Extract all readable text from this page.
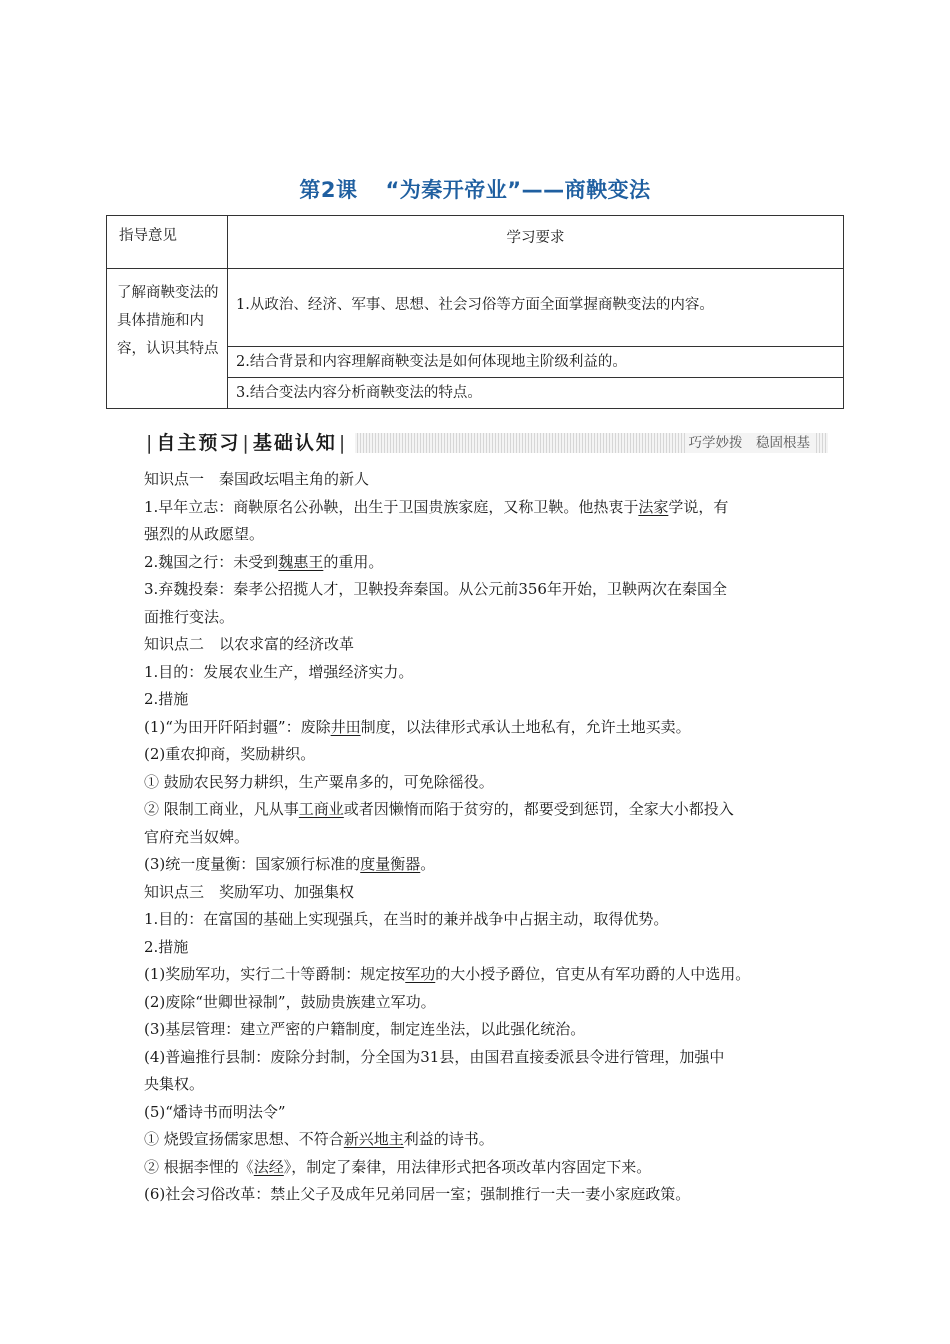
第2课 “为秦开帝业”——商鞅变法
指导意见	学习要求
了解商鞅变法的具体措施和内容，认识其特点	1.从政治、经济、军事、思想、社会习俗等方面全面掌握商鞅变法的内容。
	2.结合背景和内容理解商鞅变法是如何体现地主阶级利益的。
	3.结合变法内容分析商鞅变法的特点。
| 自主预习 | 基础认知 |	巧学妙拨　稳固根基

知识点一　秦国政坛唱主角的新人

1.早年立志：商鞅原名公孙鞅，出生于卫国贵族家庭，又称卫鞅。他热衷于法家学说，有

强烈的从政愿望。

2.魏国之行：未受到魏惠王的重用。

3.弃魏投秦：秦孝公招揽人才，卫鞅投奔秦国。从公元前356年开始，卫鞅两次在秦国全

面推行变法。

知识点二　以农求富的经济改革

1.目的：发展农业生产，增强经济实力。

2.措施

(1)“为田开阡陌封疆”：废除井田制度，以法律形式承认土地私有，允许土地买卖。

(2)重农抑商，奖励耕织。

① 鼓励农民努力耕织，生产粟帛多的，可免除徭役。

② 限制工商业，凡从事工商业或者因懒惰而陷于贫穷的，都要受到惩罚，全家大小都投入

官府充当奴婢。

(3)统一度量衡：国家颁行标准的度量衡器。

知识点三　奖励军功、加强集权

1.目的：在富国的基础上实现强兵，在当时的兼并战争中占据主动，取得优势。

2.措施

(1)奖励军功，实行二十等爵制：规定按军功的大小授予爵位，官吏从有军功爵的人中选用。

(2)废除“世卿世禄制”，鼓励贵族建立军功。

(3)基层管理：建立严密的户籍制度，制定连坐法，以此强化统治。

(4)普遍推行县制：废除分封制，分全国为31县，由国君直接委派县令进行管理，加强中

央集权。

(5)“燔诗书而明法令”

① 烧毁宣扬儒家思想、不符合新兴地主利益的诗书。

② 根据李悝的《法经》，制定了秦律，用法律形式把各项改革内容固定下来。

(6)社会习俗改革：禁止父子及成年兄弟同居一室；强制推行一夫一妻小家庭政策。
